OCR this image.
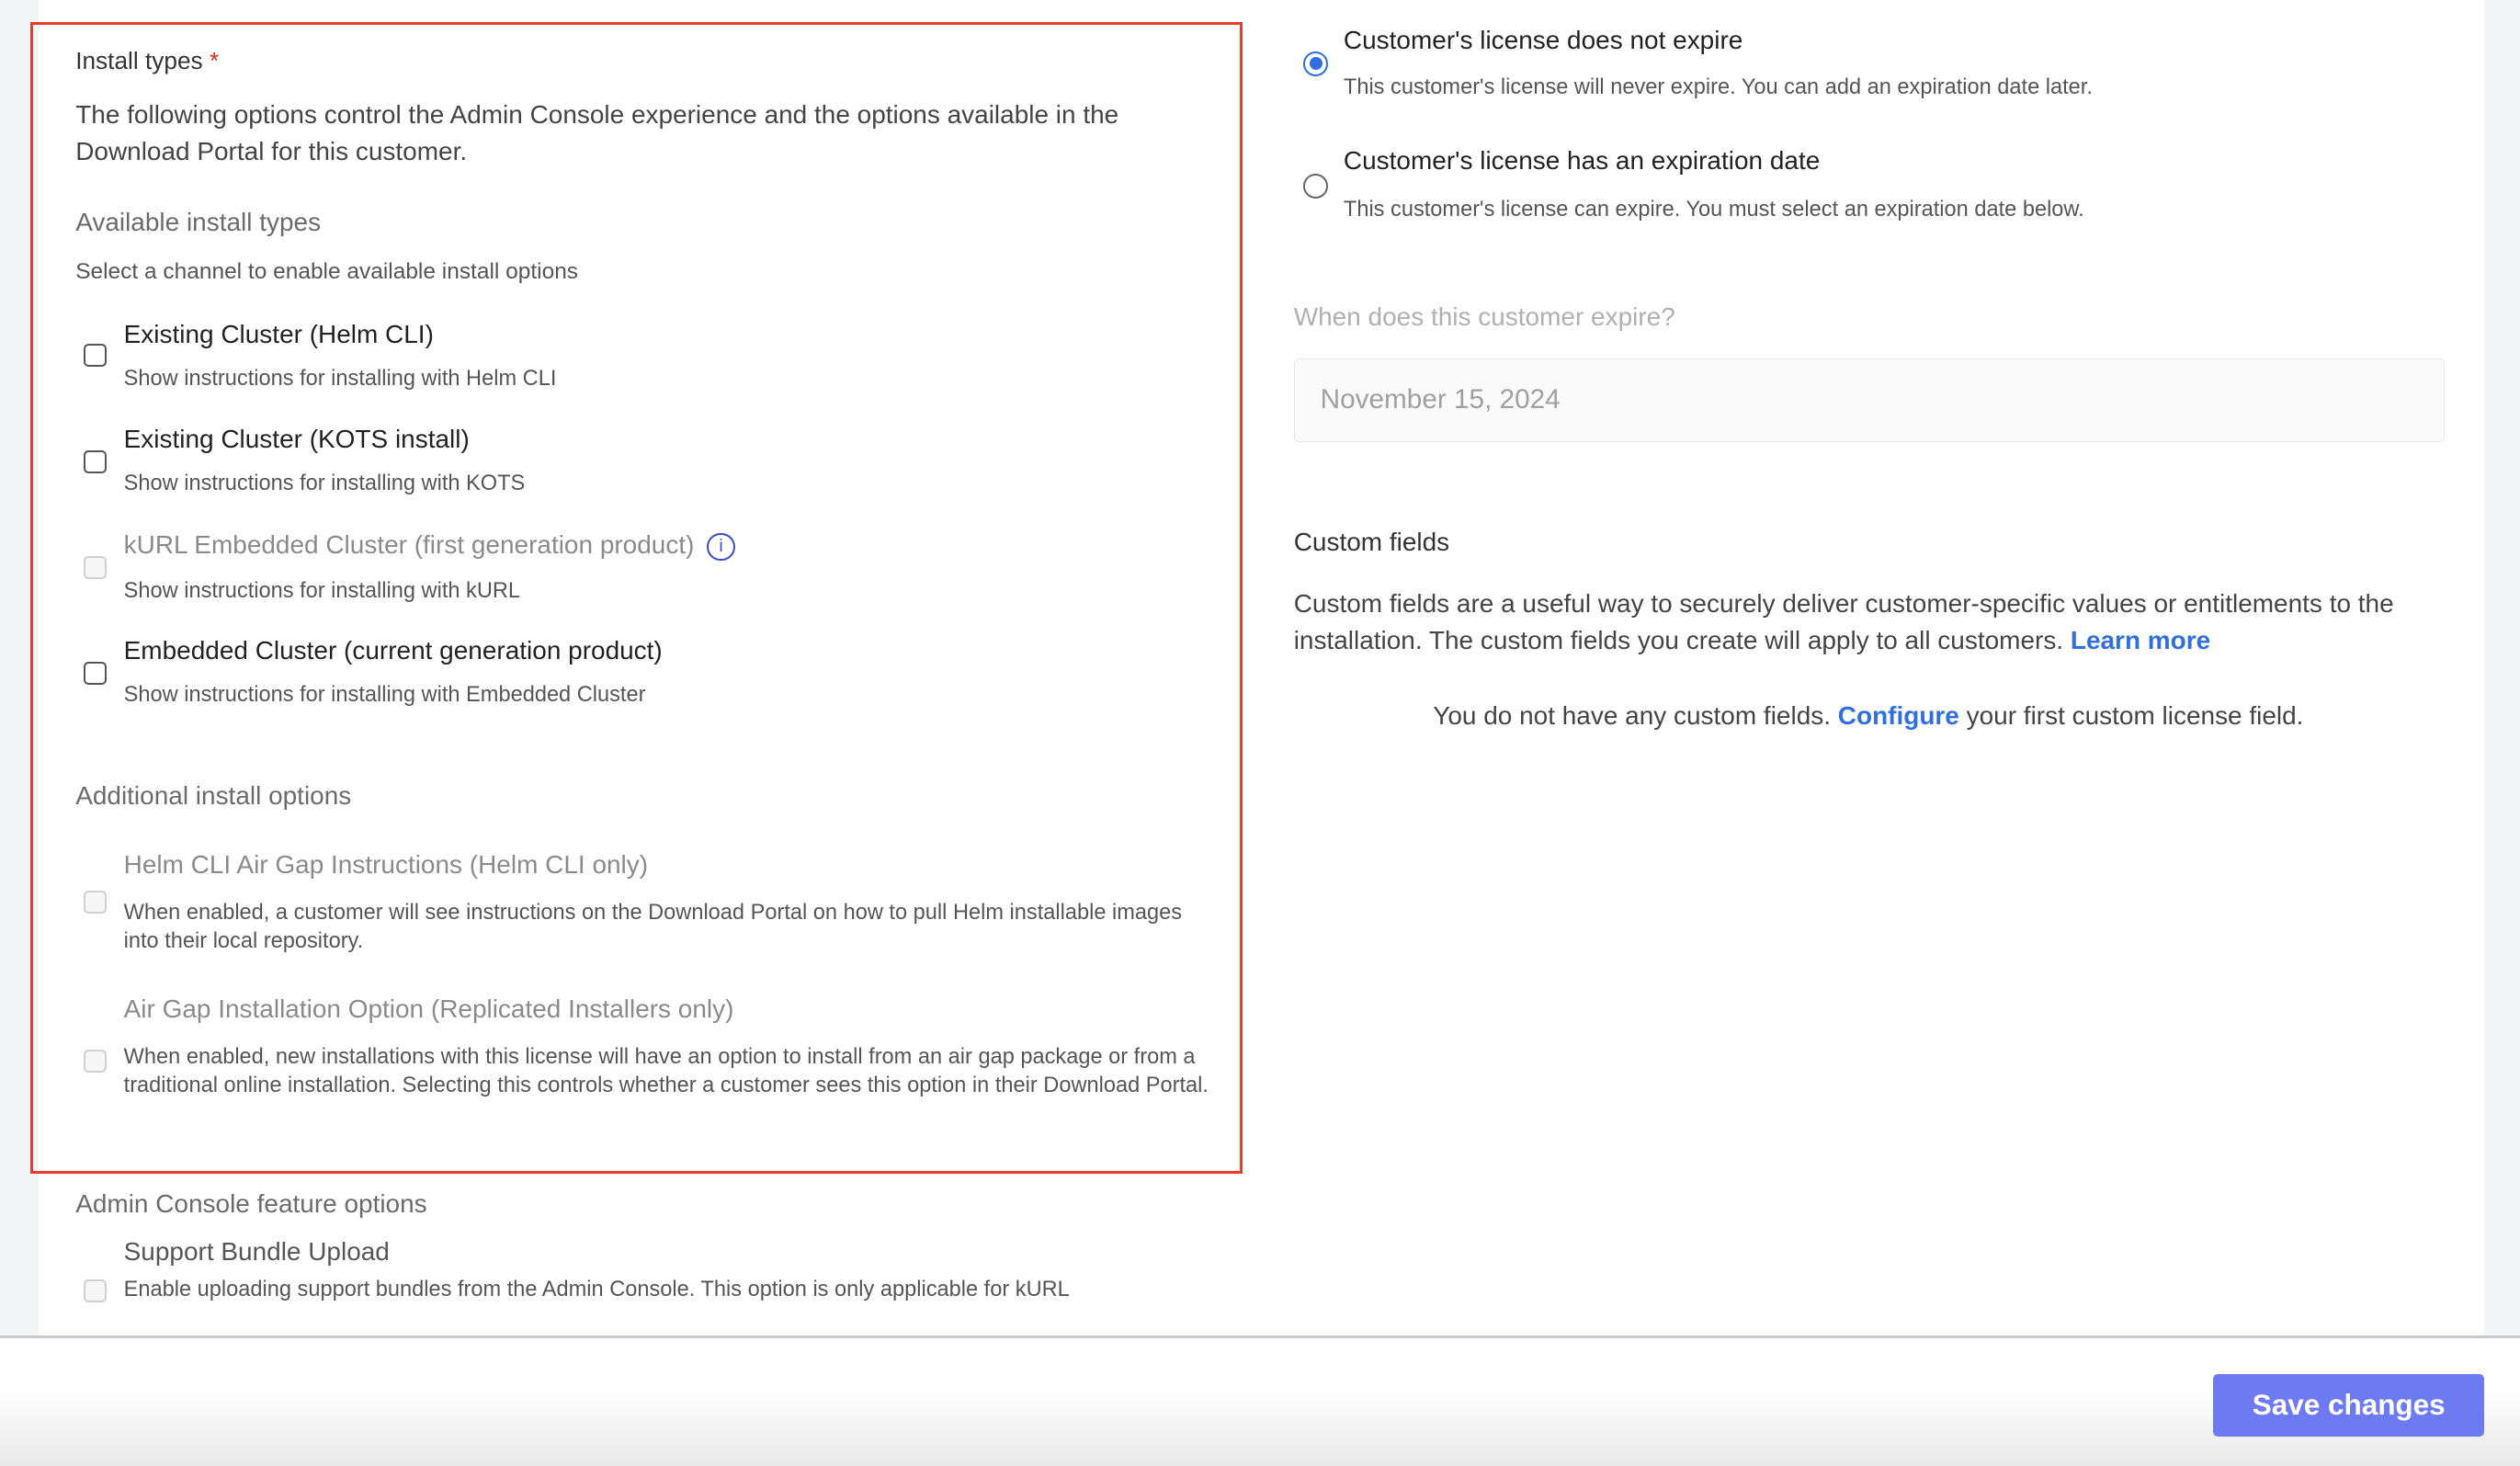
Install types *
The following options control the Admin Console experience and the options available in the Download Portal for this customer.
Available install types
Select a channel to enable available install options
Existing Cluster (Helm CLI)
Show instructions for installing with Helm CLI
Existing Cluster (KOTS install)
Show instructions for installing with KOTS
kURL Embedded Cluster (first generation product) i
Show instructions for installing with kURL
Embedded Cluster (current generation product)
Show instructions for installing with Embedded Cluster
Additional install options
Helm CLI Air Gap Instructions (Helm CLI only)
When enabled, a customer will see instructions on the Download Portal on how to pull Helm installable images into their local repository.
Air Gap Installation Option (Replicated Installers only)
When enabled, new installations with this license will have an option to install from an air gap package or from a traditional online installation. Selecting this controls whether a customer sees this option in their Download Portal.
Admin Console feature options
Support Bundle Upload
Enable uploading support bundles from the Admin Console. This option is only applicable for kURL
Customer's license does not expire
This customer's license will never expire. You can add an expiration date later.
Customer's license has an expiration date
This customer's license can expire. You must select an expiration date below.
When does this customer expire?
November 15, 2024
Custom fields
Custom fields are a useful way to securely deliver customer-specific values or entitlements to the installation. The custom fields you create will apply to all customers. Learn more
You do not have any custom fields. Configure your first custom license field.
Save changes
